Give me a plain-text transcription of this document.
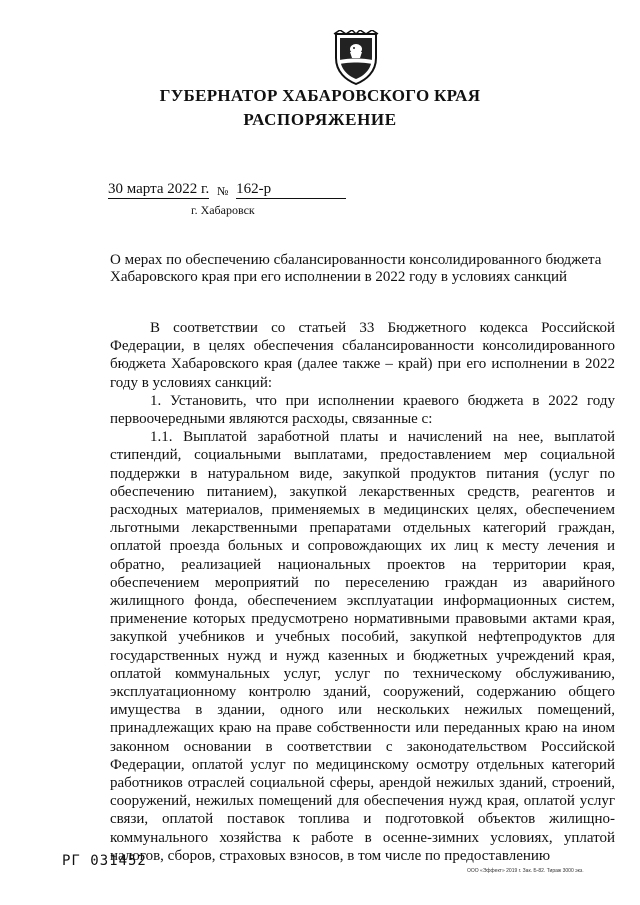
ГУБЕРНАТОР ХАБАРОВСКОГО КРАЯ
РАСПОРЯЖЕНИЕ
30 марта 2022 г. № 162-р
г. Хабаровск
О мерах по обеспечению сбалансированности консолидированного бюджета Хабаровского края при его исполнении в 2022 году в условиях санкций

В соответствии со статьей 33 Бюджетного кодекса Российской Федерации, в целях обеспечения сбалансированности консолидированного бюджета Хабаровского края (далее также – край) при его исполнении в 2022 году в условиях санкций:

1. Установить, что при исполнении краевого бюджета в 2022 году первоочередными являются расходы, связанные с:

1.1. Выплатой заработной платы и начислений на нее, выплатой стипендий, социальными выплатами, предоставлением мер социальной поддержки в натуральном виде, закупкой продуктов питания (услуг по обеспечению питанием), закупкой лекарственных средств, реагентов и расходных материалов, применяемых в медицинских целях, обеспечением льготными лекарственными препаратами отдельных категорий граждан, оплатой проезда больных и сопровождающих их лиц к месту лечения и обратно, реализацией национальных проектов на территории края, обеспечением мероприятий по переселению граждан из аварийного жилищного фонда, обеспечением эксплуатации информационных систем, применение которых предусмотрено нормативными правовыми актами края, закупкой учебников и учебных пособий, закупкой нефтепродуктов для государственных нужд и нужд казенных и бюджетных учреждений края, оплатой коммунальных услуг, услуг по техническому обслуживанию, эксплуатационному контролю зданий, сооружений, содержанию общего имущества в здании, одного или нескольких нежилых помещений, принадлежащих краю на праве собственности или переданных краю на ином законном основании в соответствии с законодательством Российской Федерации, оплатой услуг по медицинскому осмотру отдельных категорий работников отраслей социальной сферы, арендой нежилых зданий, строений, сооружений, нежилых помещений для обеспечения нужд края, оплатой услуг связи, оплатой поставок топлива и подготовкой объектов жилищно-коммунального хозяйства к работе в осенне-зимних условиях, уплатой налогов, сборов, страховых взносов, в том числе по предоставлению

РГ 031452
ООО «Эффект» 2019 г. Зак. Б-82. Тираж 3000 экз.
